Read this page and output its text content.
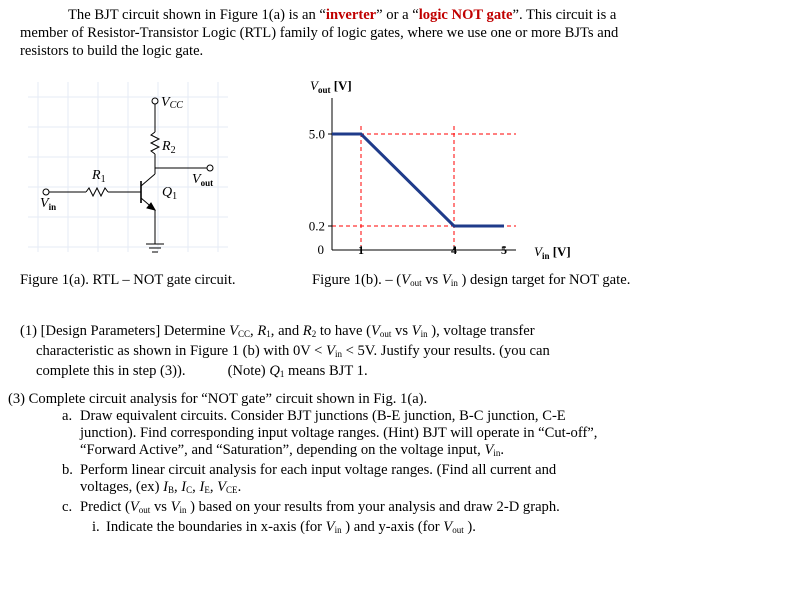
The BJT circuit shown in Figure 1(a) is an “inverter” or a “logic NOT gate”. This circuit is a
member of Resistor-Transistor Logic (RTL) family of logic gates, where we use one or more BJTs and
resistors to build the logic gate.
VCC
$R_2$
$R_1$
$Q_1$
$V_{out}$
$V_{in}$
5.0
0.2
0	1	4	5
$V_{out}$ [V]
$V_{in}$ [V]
Figure 1(a). RTL – NOT gate circuit.	Figure 1(b). – ($V_{out}$ vs $V_{in}$ ) design target for NOT gate.

(1) [Design Parameters] Determine VCC, $R_1$, and $R_2$ to have ($V_{out}$ vs $V_{in}$ ), voltage transfer

characteristic as shown in Figure 1 (b) with $0V < V_{in} < 5V$. Justify your results. (you can

complete this in step (3)).	(Note) $Q_1$ means BJT 1.

(3) Complete circuit analysis for “NOT gate” circuit shown in Fig. 1(a).

a. Draw equivalent circuits. Consider BJT junctions (B-E junction, B-C junction, C-E
junction). Find corresponding input voltage ranges. (Hint) BJT will operate in “Cut-off”,
“Forward Active”, and “Saturation”, depending on the voltage input, $V_{in}$.

b. Perform linear circuit analysis for each input voltage ranges. (Find all current and
voltages, (ex) IB, IC, IE, VCE.

c. Predict ($V_{out}$ vs $V_{in}$ ) based on your results from your analysis and draw 2-D graph.

i. Indicate the boundaries in x-axis (for $V_{in}$ ) and y-axis (for $V_{out}$ ).
